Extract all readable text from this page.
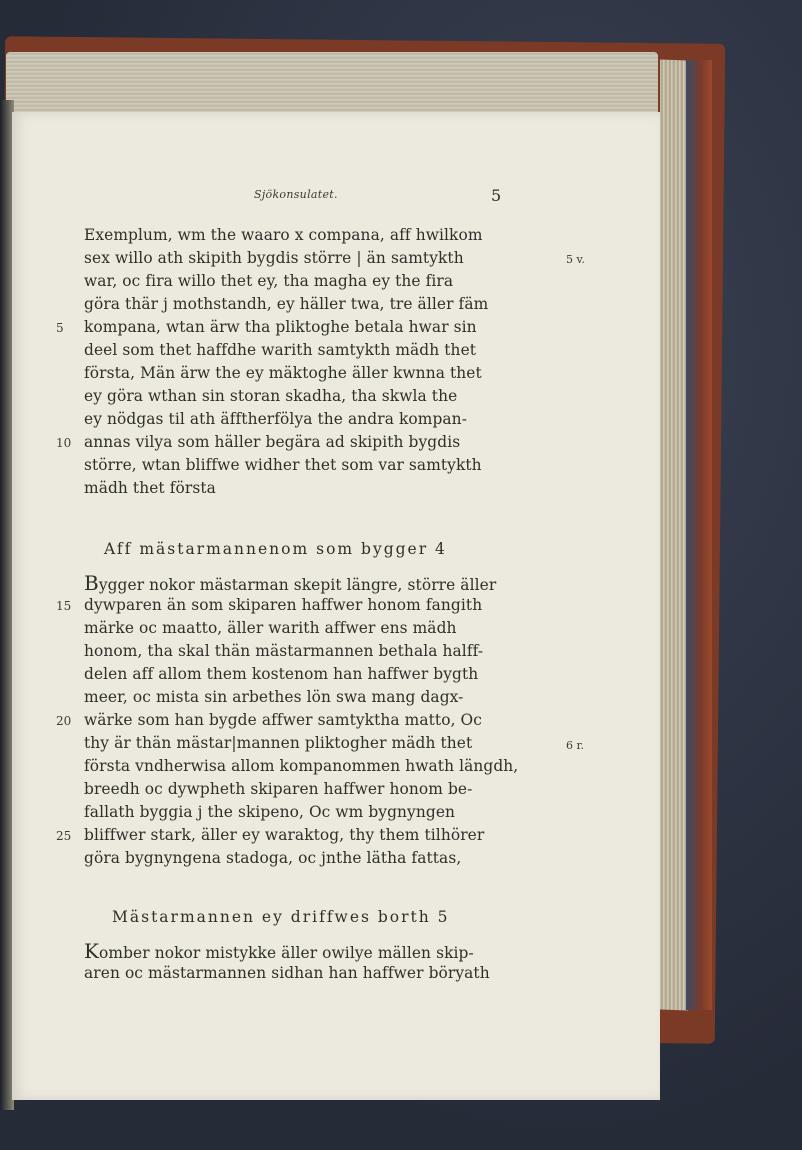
Sjökonsulatet.	5
Exemplum, wm the waaro x compana, aff hwilkom
sex willo ath skipith bygdis större | än samtykth	5 v.
war, oc fira willo thet ey, tha magha ey the fira
göra thär j mothstandh, ey häller twa, tre äller fäm
5 kompana, wtan ärw tha pliktoghe betala hwar sin
deel som thet haffdhe warith samtykth mädh thet
första, Män ärw the ey mäktoghe äller kwnna thet
ey göra wthan sin storan skadha, tha skwla the
ey nödgas til ath äfftherfölya the andra kompan-
10 annas vilya som häller begära ad skipith bygdis
större, wtan bliffwe widher thet som var samtykth
mädh thet första
Aff mästarmannenom som bygger 4
Bygger nokor mästarman skepit längre, större äller
15 dywparen än som skiparen haffwer honom fangith
märke oc maatto, äller warith affwer ens mädh
honom, tha skal thän mästarmannen bethala halff-
delen aff allom them kostenom han haffwer bygth
meer, oc mista sin arbethes lön swa mang dagx-
20 wärke som han bygde affwer samtyktha matto, Oc
thy är thän mästar|mannen pliktogher mädh thet	6 r.
första vndherwisa allom kompanommen hwath längdh,
breedh oc dywpheth skiparen haffwer honom be-
fallath byggia j the skipeno, Oc wm bygnyngen
25 bliffwer stark, äller ey waraktog, thy them tilhörer
göra bygnyngena stadoga, oc jnthe lätha fattas,
Mästarmannen ey driffwes borth 5
Komber nokor mistykke äller owilye mällen skip-
aren oc mästarmannen sidhan han haffwer böryath
